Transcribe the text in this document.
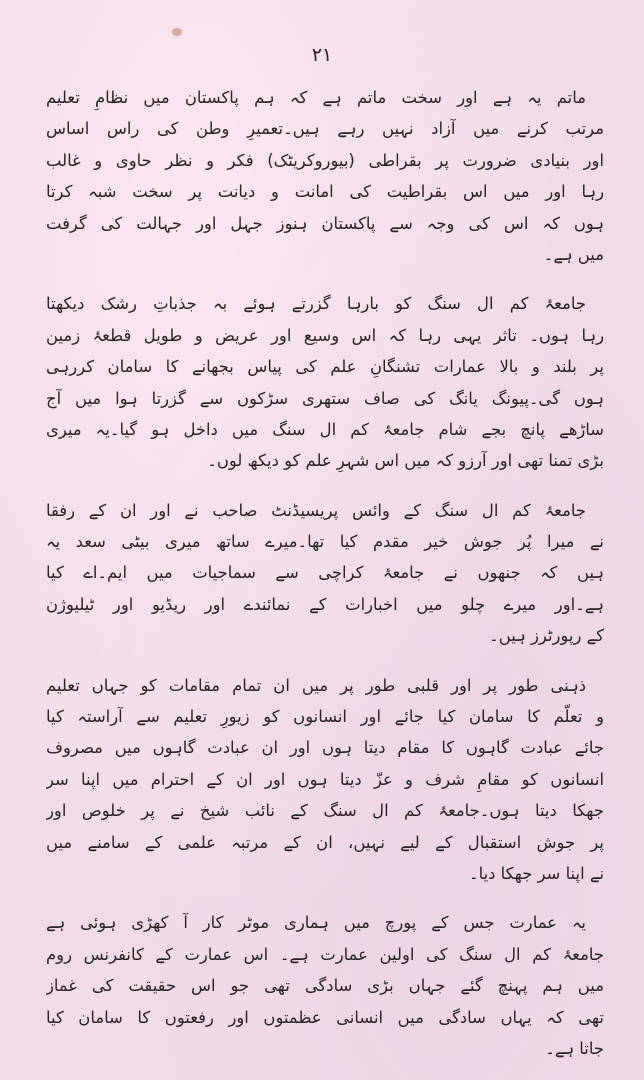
۲۱
ماتم یہ ہے اور سخت ماتم ہے کہ ہم پاکستان میں نظامِ تعلیم
مرتب کرنے میں آزاد نہیں رہے ہیں۔تعمیرِ وطن کی راس اساس
اور بنیادی ضرورت پر بقراطی (بیوروکریٹک) فکر و نظر حاوی و غالب
رہا اور میں اس بقراطیت کی امانت و دیانت پر سخت شبہ کرتا
ہوں کہ اس کی وجہ سے پاکستان ہنوز جہل اور جہالت کی گرفت
میں ہے۔
جامعۂ کم ال سنگ کو بارہا گزرتے ہوئے بہ جذباتِ رشک دیکھتا
رہا ہوں۔ تاثر یہی رہا کہ اس وسیع اور عریض و طویل قطعۂ زمین
پر بلند و بالا عمارات تشنگانِ علم کی پیاس بجھانے کا سامان کررہی
ہوں گی۔پیونگ یانگ کی صاف ستھری سڑکوں سے گزرتا ہوا میں آج
ساڑھے پانچ بجے شام جامعۂ کم ال سنگ میں داخل ہو گیا۔یہ میری
بڑی تمنا تھی اور آرزو کہ میں اس شہرِ علم کو دیکھ لوں۔
جامعۂ کم ال سنگ کے وائس پریسیڈنٹ صاحب نے اور ان کے رفقا
نے میرا پُر جوش خیر مقدم کیا تھا۔میرے ساتھ میری بیٹی سعد یہ
ہیں کہ جنھوں نے جامعۂ کراچی سے سماجیات میں ایم۔اے کیا
ہے۔اور میرے چلو میں اخبارات کے نمائندے اور ریڈیو اور ٹیلیوژن
کے رپورٹرز ہیں۔
ذہنی طور پر اور قلبی طور پر میں ان تمام مقامات کو جہاں تعلیم
و تعلّم کا سامان کیا جائے اور انسانوں کو زیورِ تعلیم سے آراستہ کیا
جائے عبادت گاہوں کا مقام دیتا ہوں اور ان عبادت گاہوں میں مصروف
انسانوں کو مقامِ شرف و عزّ دیتا ہوں اور ان کے احترام میں اپنا سر
جھکا دیتا ہوں۔جامعۂ کم ال سنگ کے نائب شیخ نے پر خلوص اور
پر جوش استقبال کے لیے نہیں، ان کے مرتبہ علمی کے سامنے میں
نے اپنا سر جھکا دیا۔
یہ عمارت جس کے پورچ میں ہماری موٹر کار آ کھڑی ہوئی ہے
جامعۂ کم ال سنگ کی اولین عمارت ہے۔ اس عمارت کے کانفرنس روم
میں ہم پہنچ گئے جہاں بڑی سادگی تھی جو اس حقیقت کی غماز
تھی کہ یہاں سادگی میں انسانی عظمتوں اور رفعتوں کا سامان کیا
جاتا ہے۔
